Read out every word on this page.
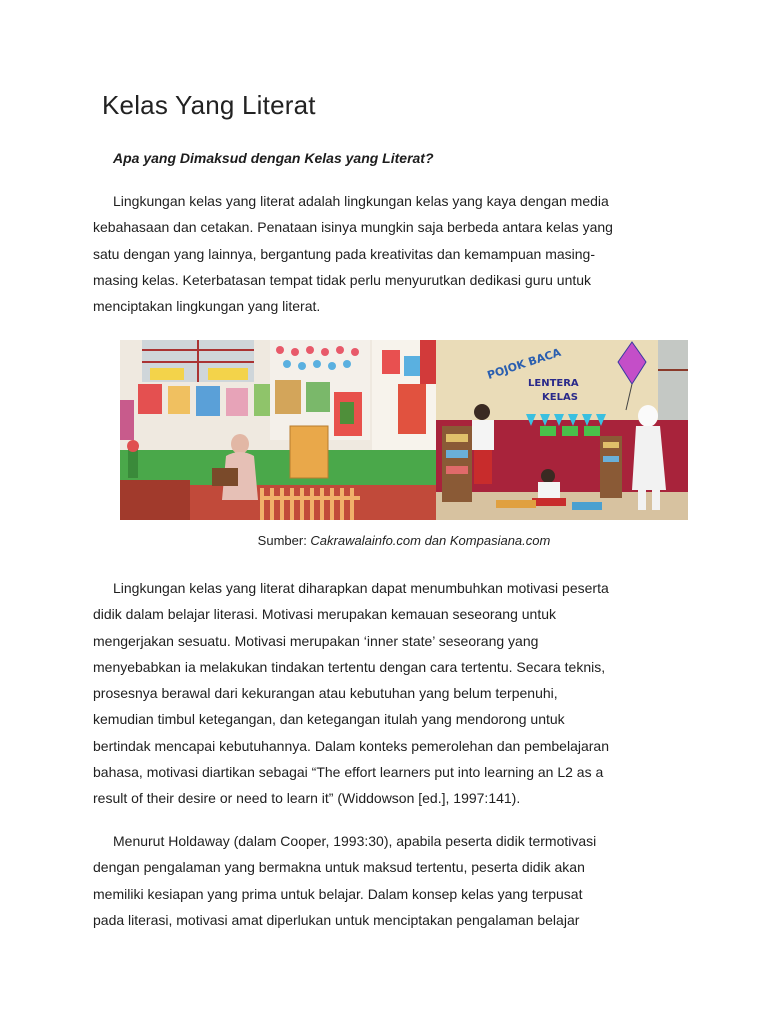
Kelas Yang Literat

Apa yang Dimaksud dengan Kelas yang Literat?

Lingkungan kelas yang literat adalah lingkungan kelas yang kaya dengan media
kebahasaan dan cetakan. Penataan isinya mungkin saja berbeda antara kelas yang
satu dengan yang lainnya, bergantung pada kreativitas dan kemampuan masing-
masing kelas. Keterbatasan tempat tidak perlu menyurutkan dedikasi guru untuk
menciptakan lingkungan yang literat.

POJOK BACA
LENTERA
KELAS
Sumber: Cakrawalainfo.com dan Kompasiana.com

Lingkungan kelas yang literat diharapkan dapat menumbuhkan motivasi peserta
didik dalam belajar literasi. Motivasi merupakan kemauan seseorang untuk
mengerjakan sesuatu. Motivasi merupakan ‘inner state’ seseorang yang
menyebabkan ia melakukan tindakan tertentu dengan cara tertentu. Secara teknis,
prosesnya berawal dari kekurangan atau kebutuhan yang belum terpenuhi,
kemudian timbul ketegangan, dan ketegangan itulah yang mendorong untuk
bertindak mencapai kebutuhannya. Dalam konteks pemerolehan dan pembelajaran
bahasa, motivasi diartikan sebagai “The effort learners put into learning an L2 as a
result of their desire or need to learn it” (Widdowson [ed.], 1997:141).

Menurut Holdaway (dalam Cooper, 1993:30), apabila peserta didik termotivasi
dengan pengalaman yang bermakna untuk maksud tertentu, peserta didik akan
memiliki kesiapan yang prima untuk belajar. Dalam konsep kelas yang terpusat
pada literasi, motivasi amat diperlukan untuk menciptakan pengalaman belajar
